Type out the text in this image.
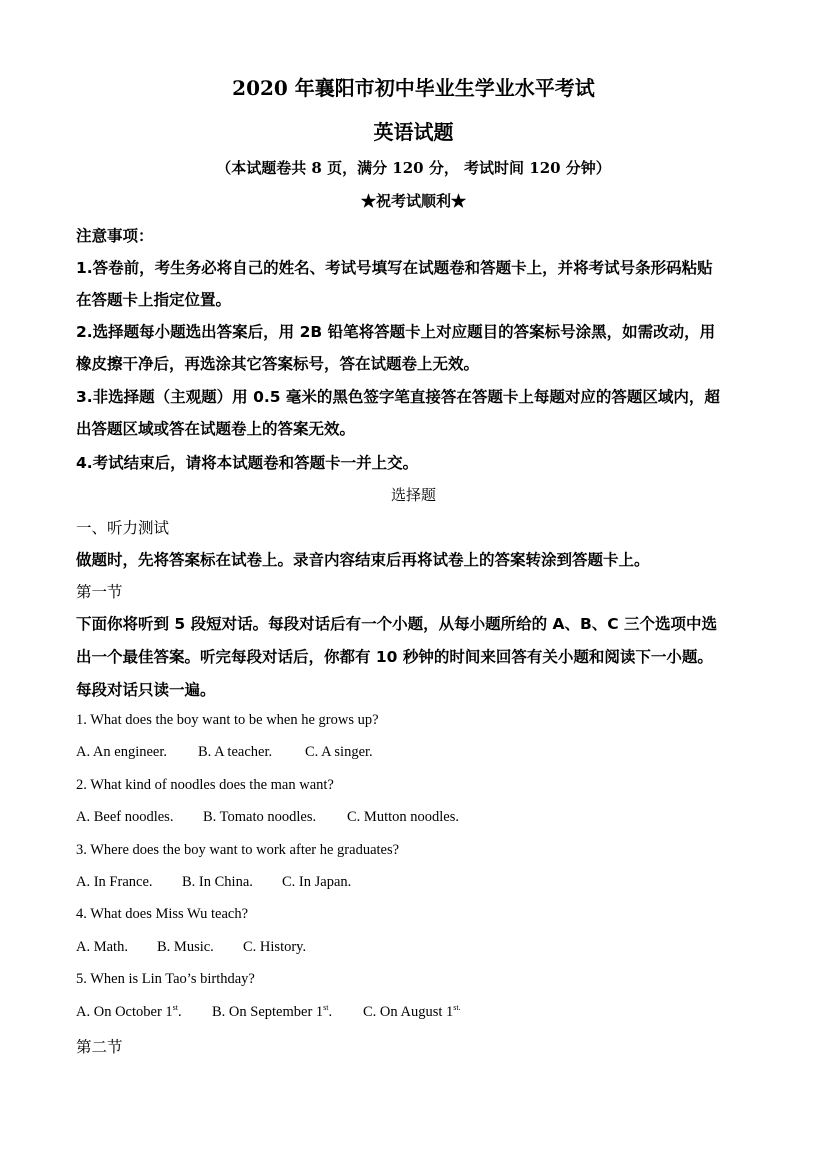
2020 年襄阳市初中毕业生学业水平考试
英语试题
（本试题卷共 8 页，满分 120 分， 考试时间 120 分钟）
★祝考试顺利★
注意事项：
1.答卷前，考生务必将自己的姓名、考试号填写在试题卷和答题卡上，并将考试号条形码粘贴
在答题卡上指定位置。
2.选择题每小题选出答案后，用 2B 铅笔将答题卡上对应题目的答案标号涂黑，如需改动，用
橡皮擦干净后，再选涂其它答案标号，答在试题卷上无效。
3.非选择题（主观题）用 0.5 毫米的黑色签字笔直接答在答题卡上每题对应的答题区域内，超
出答题区域或答在试题卷上的答案无效。
4.考试结束后，请将本试题卷和答题卡一并上交。
选择题
一、听力测试
做题时，先将答案标在试卷上。录音内容结束后再将试卷上的答案转涂到答题卡上。
第一节
下面你将听到 5 段短对话。每段对话后有一个小题，从每小题所给的 A、B、C 三个选项中选
出一个最佳答案。听完每段对话后，你都有 10 秒钟的时间来回答有关小题和阅读下一小题。
每段对话只读一遍。
1. What does the boy want to be when he grows up?
A. An engineer. B. A teacher. C. A singer.
2. What kind of noodles does the man want?
A. Beef noodles. B. Tomato noodles. C. Mutton noodles.
3. Where does the boy want to work after he graduates?
A. In France. B. In China. C. In Japan.
4. What does Miss Wu teach?
A. Math. B. Music. C. History.
5. When is Lin Tao’s birthday?
A. On October 1st. B. On September 1st. C. On August $1^{st.}$
第二节
